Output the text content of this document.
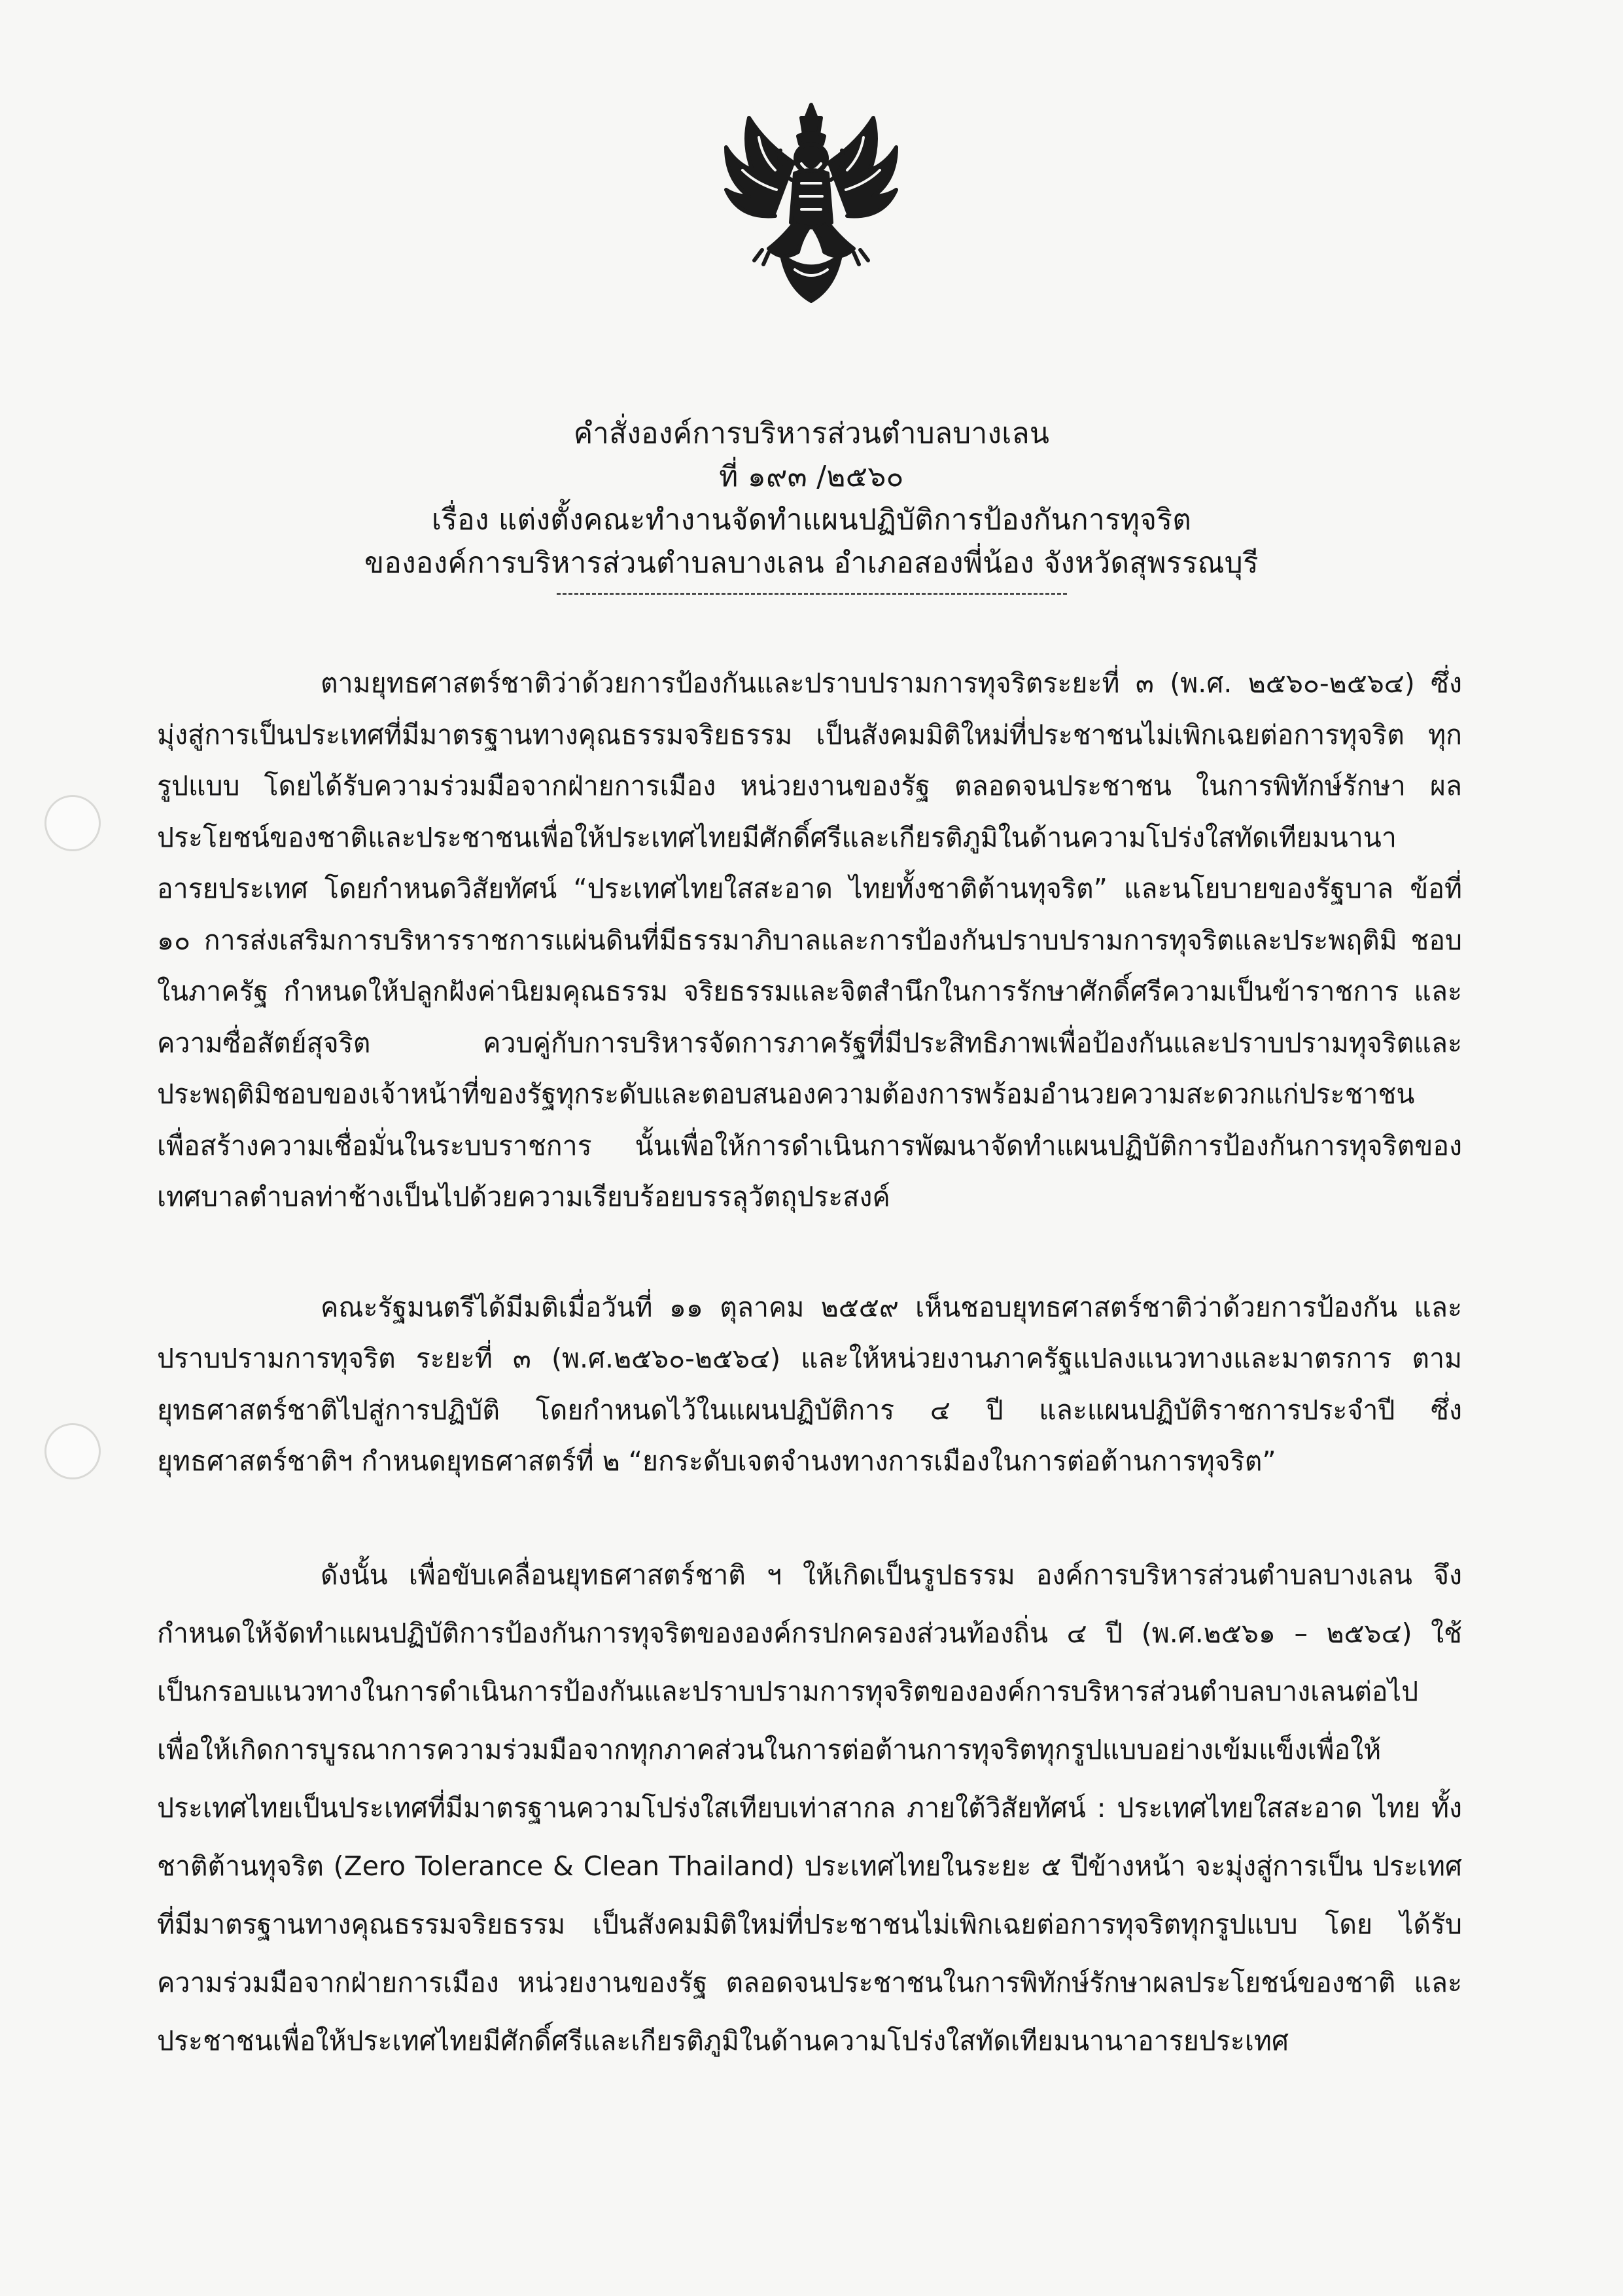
คำสั่งองค์การบริหารส่วนตำบลบางเลน
ที่ ๑๙๓ /๒๕๖๐
เรื่อง แต่งตั้งคณะทำงานจัดทำแผนปฏิบัติการป้องกันการทุจริต
ขององค์การบริหารส่วนตำบลบางเลน อำเภอสองพี่น้อง จังหวัดสุพรรณบุรี

ตามยุทธศาสตร์ชาติว่าด้วยการป้องกันและปราบปรามการทุจริตระยะที่ ๓ (พ.ศ. ๒๕๖๐-๒๕๖๔) ซึ่งมุ่งสู่การเป็นประเทศที่มีมาตรฐานทางคุณธรรมจริยธรรม เป็นสังคมมิติใหม่ที่ประชาชนไม่เพิกเฉยต่อการทุจริต ทุกรูปแบบ โดยได้รับความร่วมมือจากฝ่ายการเมือง หน่วยงานของรัฐ ตลอดจนประชาชน ในการพิทักษ์รักษา ผลประโยชน์ของชาติและประชาชนเพื่อให้ประเทศไทยมีศักดิ์ศรีและเกียรติภูมิในด้านความโปร่งใสทัดเทียมนานา อารยประเทศ โดยกำหนดวิสัยทัศน์ “ประเทศไทยใสสะอาด ไทยทั้งชาติต้านทุจริต” และนโยบายของรัฐบาล ข้อที่ ๑๐ การส่งเสริมการบริหารราชการแผ่นดินที่มีธรรมาภิบาลและการป้องกันปราบปรามการทุจริตและประพฤติมิ ชอบในภาครัฐ กำหนดให้ปลูกฝังค่านิยมคุณธรรม จริยธรรมและจิตสำนึกในการรักษาศักดิ์ศรีความเป็นข้าราชการ และความซื่อสัตย์สุจริต ควบคู่กับการบริหารจัดการภาครัฐที่มีประสิทธิภาพเพื่อป้องกันและปราบปรามทุจริตและ ประพฤติมิชอบของเจ้าหน้าที่ของรัฐทุกระดับและตอบสนองความต้องการพร้อมอำนวยความสะดวกแก่ประชาชน เพื่อสร้างความเชื่อมั่นในระบบราชการ นั้นเพื่อให้การดำเนินการพัฒนาจัดทำแผนปฏิบัติการป้องกันการทุจริตของ เทศบาลตำบลท่าช้างเป็นไปด้วยความเรียบร้อยบรรลุวัตถุประสงค์

คณะรัฐมนตรีได้มีมติเมื่อวันที่ ๑๑ ตุลาคม ๒๕๕๙ เห็นชอบยุทธศาสตร์ชาติว่าด้วยการป้องกัน และปราบปรามการทุจริต ระยะที่ ๓ (พ.ศ.๒๕๖๐-๒๕๖๔) และให้หน่วยงานภาครัฐแปลงแนวทางและมาตรการ ตามยุทธศาสตร์ชาติไปสู่การปฏิบัติ โดยกำหนดไว้ในแผนปฏิบัติการ ๔ ปี และแผนปฏิบัติราชการประจำปี ซึ่ง ยุทธศาสตร์ชาติฯ กำหนดยุทธศาสตร์ที่ ๒ “ยกระดับเจตจำนงทางการเมืองในการต่อต้านการทุจริต”

ดังนั้น เพื่อขับเคลื่อนยุทธศาสตร์ชาติ ฯ ให้เกิดเป็นรูปธรรม องค์การบริหารส่วนตำบลบางเลน จึง กำหนดให้จัดทำแผนปฏิบัติการป้องกันการทุจริตขององค์กรปกครองส่วนท้องถิ่น ๔ ปี (พ.ศ.๒๕๖๑ – ๒๕๖๔) ใช้ เป็นกรอบแนวทางในการดำเนินการป้องกันและปราบปรามการทุจริตขององค์การบริหารส่วนตำบลบางเลนต่อไป เพื่อให้เกิดการบูรณาการความร่วมมือจากทุกภาคส่วนในการต่อต้านการทุจริตทุกรูปแบบอย่างเข้มแข็งเพื่อให้ ประเทศไทยเป็นประเทศที่มีมาตรฐานความโปร่งใสเทียบเท่าสากล ภายใต้วิสัยทัศน์ : ประเทศไทยใสสะอาด ไทย ทั้งชาติต้านทุจริต (Zero Tolerance & Clean Thailand) ประเทศไทยในระยะ ๕ ปีข้างหน้า จะมุ่งสู่การเป็น ประเทศที่มีมาตรฐานทางคุณธรรมจริยธรรม เป็นสังคมมิติใหม่ที่ประชาชนไม่เพิกเฉยต่อการทุจริตทุกรูปแบบ โดย ได้รับความร่วมมือจากฝ่ายการเมือง หน่วยงานของรัฐ ตลอดจนประชาชนในการพิทักษ์รักษาผลประโยชน์ของชาติ และประชาชนเพื่อให้ประเทศไทยมีศักดิ์ศรีและเกียรติภูมิในด้านความโปร่งใสทัดเทียมนานาอารยประเทศ
